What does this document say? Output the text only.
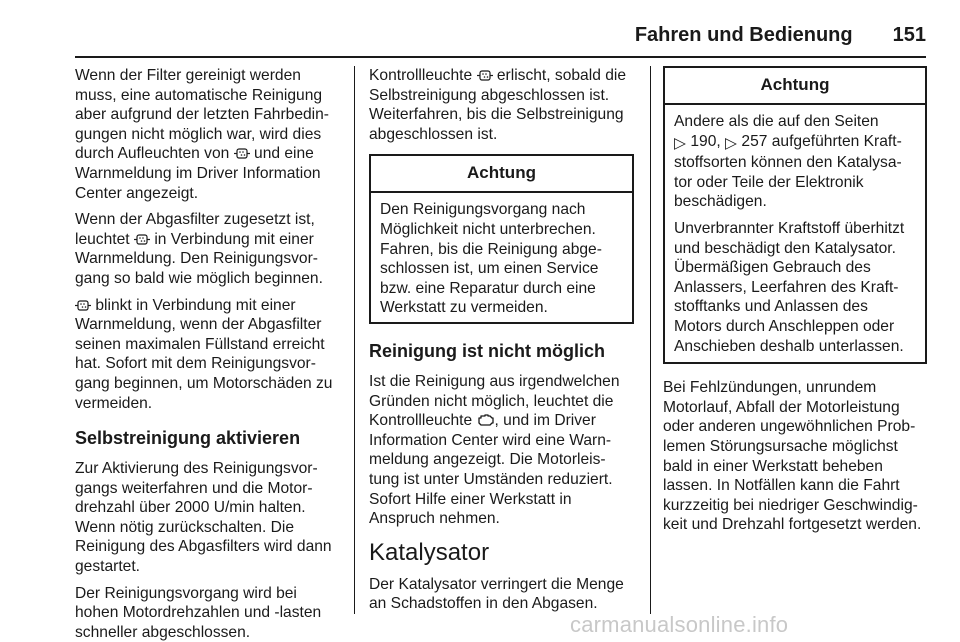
Fahren und Bedienung 151
Wenn der Filter gereinigt werden
muss, eine automatische Reinigung
aber aufgrund der letzten Fahrbedin-
gungen nicht möglich war, wird dies
durch Aufleuchten von und eine
Warnmeldung im Driver Information
Center angezeigt.
Wenn der Abgasfilter zugesetzt ist,
leuchtet in Verbindung mit einer
Warnmeldung. Den Reinigungsvor-
gang so bald wie möglich beginnen.
blinkt in Verbindung mit einer
Warnmeldung, wenn der Abgasfilter
seinen maximalen Füllstand erreicht
hat. Sofort mit dem Reinigungsvor-
gang beginnen, um Motorschäden zu
vermeiden.
Selbstreinigung aktivieren
Zur Aktivierung des Reinigungsvor-
gangs weiterfahren und die Motor-
drehzahl über 2000 U/min halten.
Wenn nötig zurückschalten. Die
Reinigung des Abgasfilters wird dann
gestartet.
Der Reinigungsvorgang wird bei
hohen Motordrehzahlen und -lasten
schneller abgeschlossen.
Kontrollleuchte erlischt, sobald die
Selbstreinigung abgeschlossen ist.
Weiterfahren, bis die Selbstreinigung
abgeschlossen ist.
Achtung
Den Reinigungsvorgang nach
Möglichkeit nicht unterbrechen.
Fahren, bis die Reinigung abge-
schlossen ist, um einen Service
bzw. eine Reparatur durch eine
Werkstatt zu vermeiden.
Reinigung ist nicht möglich
Ist die Reinigung aus irgendwelchen
Gründen nicht möglich, leuchtet die
Kontrollleuchte , und im Driver
Information Center wird eine Warn-
meldung angezeigt. Die Motorleis-
tung ist unter Umständen reduziert.
Sofort Hilfe einer Werkstatt in
Anspruch nehmen.
Katalysator
Der Katalysator verringert die Menge
an Schadstoffen in den Abgasen.
Achtung
Andere als die auf den Seiten
▷ 190, ▷ 257 aufgeführten Kraft-
stoffsorten können den Katalysa-
tor oder Teile der Elektronik
beschädigen.
Unverbrannter Kraftstoff überhitzt
und beschädigt den Katalysator.
Übermäßigen Gebrauch des
Anlassers, Leerfahren des Kraft-
stofftanks und Anlassen des
Motors durch Anschleppen oder
Anschieben deshalb unterlassen.
Bei Fehlzündungen, unrundem
Motorlauf, Abfall der Motorleistung
oder anderen ungewöhnlichen Prob-
lemen Störungsursache möglichst
bald in einer Werkstatt beheben
lassen. In Notfällen kann die Fahrt
kurzzeitig bei niedriger Geschwindig-
keit und Drehzahl fortgesetzt werden.
carmanualsonline.info
